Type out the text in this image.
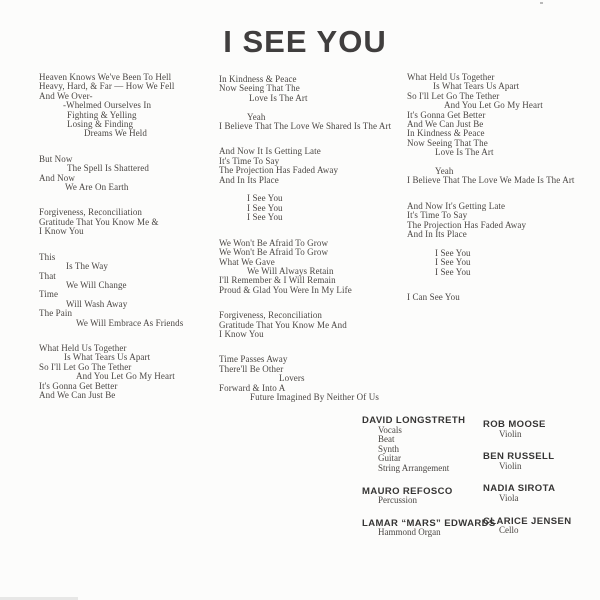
I SEE YOU
Heaven Knows We've Been To Hell
Heavy, Hard, & Far — How We Fell
And We Over-
-Whelmed Ourselves In
Fighting & Yelling
Losing & Finding
Dreams We Held
But Now
The Spell Is Shattered
And Now
We Are On Earth
Forgiveness, Reconciliation
Gratitude That You Know Me &
I Know You
This
Is The Way
That
We Will Change
Time
Will Wash Away
The Pain
We Will Embrace As Friends
What Held Us Together
Is What Tears Us Apart
So I'll Let Go The Tether
And You Let Go My Heart
It's Gonna Get Better
And We Can Just Be
In Kindness & Peace
Now Seeing That The
Love Is The Art

Yeah
I Believe That The Love We Shared Is The Art
And Now It Is Getting Late
It's Time To Say
The Projection Has Faded Away
And In Its Place

I See You
I See You
I See You
We Won't Be Afraid To Grow
We Won't Be Afraid To Grow
What We Gave
We Will Always Retain
I'll Remember & I Will Remain
Proud & Glad You Were In My Life
Forgiveness, Reconciliation
Gratitude That You Know Me And
I Know You
Time Passes Away
There'll Be Other
Lovers
Forward & Into A
Future Imagined By Neither Of Us
What Held Us Together
Is What Tears Us Apart
So I'll Let Go The Tether
And You Let Go My Heart
It's Gonna Get Better
And We Can Just Be
In Kindness & Peace
Now Seeing That The
Love Is The Art

Yeah
I Believe That The Love We Made Is The Art
And Now It's Getting Late
It's Time To Say
The Projection Has Faded Away
And In Its Place

I See You
I See You
I See You
I Can See You
DAVID LONGSTRETH
Vocals
Beat
Synth
Guitar
String Arrangement
MAURO REFOSCO
Percussion
LAMAR “MARS” EDWARDS
Hammond Organ
ROB MOOSE
Violin
BEN RUSSELL
Violin
NADIA SIROTA
Viola
CLARICE JENSEN
Cello
